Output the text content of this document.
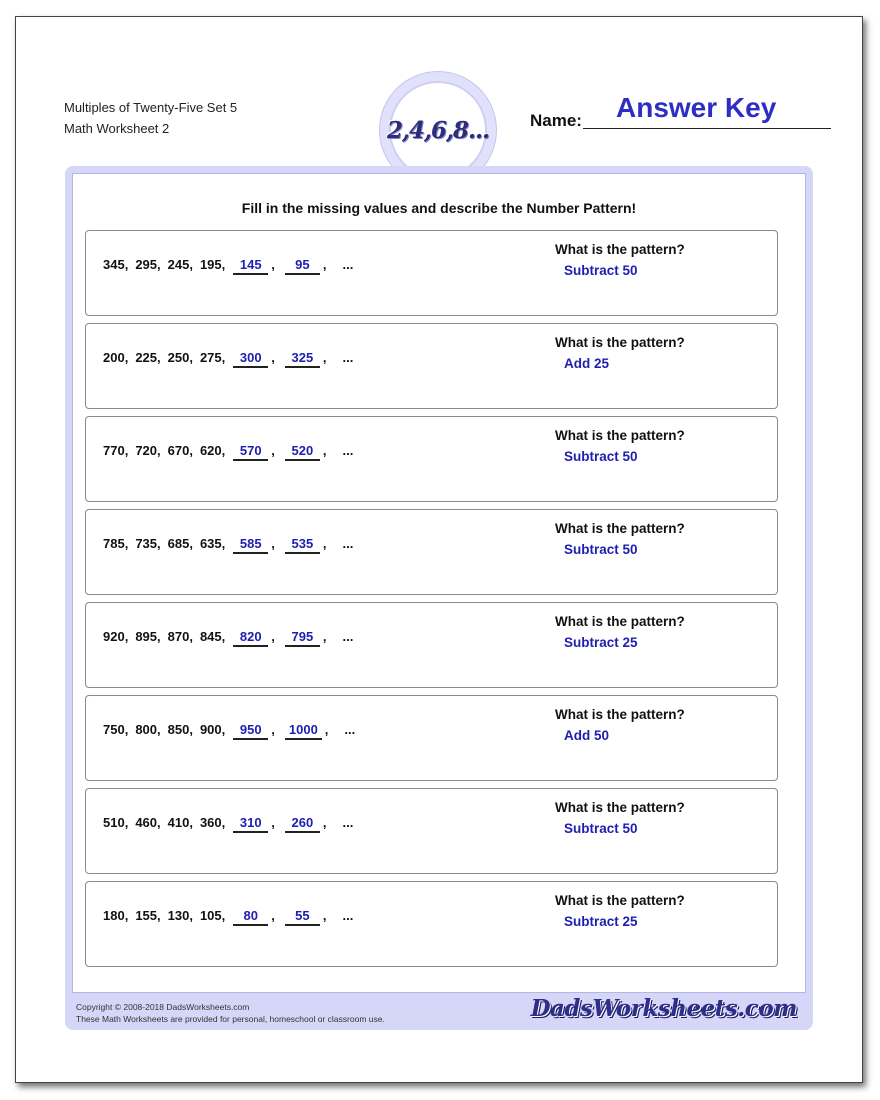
Multiples of Twenty-Five Set 5
Math Worksheet 2	2,4,6,8... Name: Answer Key
Fill in the missing values and describe the Number Pattern!
345, 295, 245, 195,	145 ,	95	, ...
What is the pattern?
Subtract 50
200, 225, 250, 275,	300 ,	325 , ...
What is the pattern?
Add 25
770, 720, 670, 620,	570 ,	520 , ...
What is the pattern?
Subtract 50
785, 735, 685, 635,	585 ,	535 , ...
What is the pattern?
Subtract 50
920, 895, 870, 845,	820 ,	795 , ...
What is the pattern?
Subtract 25
750, 800, 850, 900,	950 ,	1000 , ...
What is the pattern?
Add 50
510, 460, 410, 360,	310 ,	260 , ...
What is the pattern?
Subtract 50
180, 155, 130, 105,	80	,	55	, ...
What is the pattern?
Subtract 25
Copyright © 2008-2018 DadsWorksheets.com
These Math Worksheets are provided for personal, homeschool or classroom use.	DadsWorksheets.com
